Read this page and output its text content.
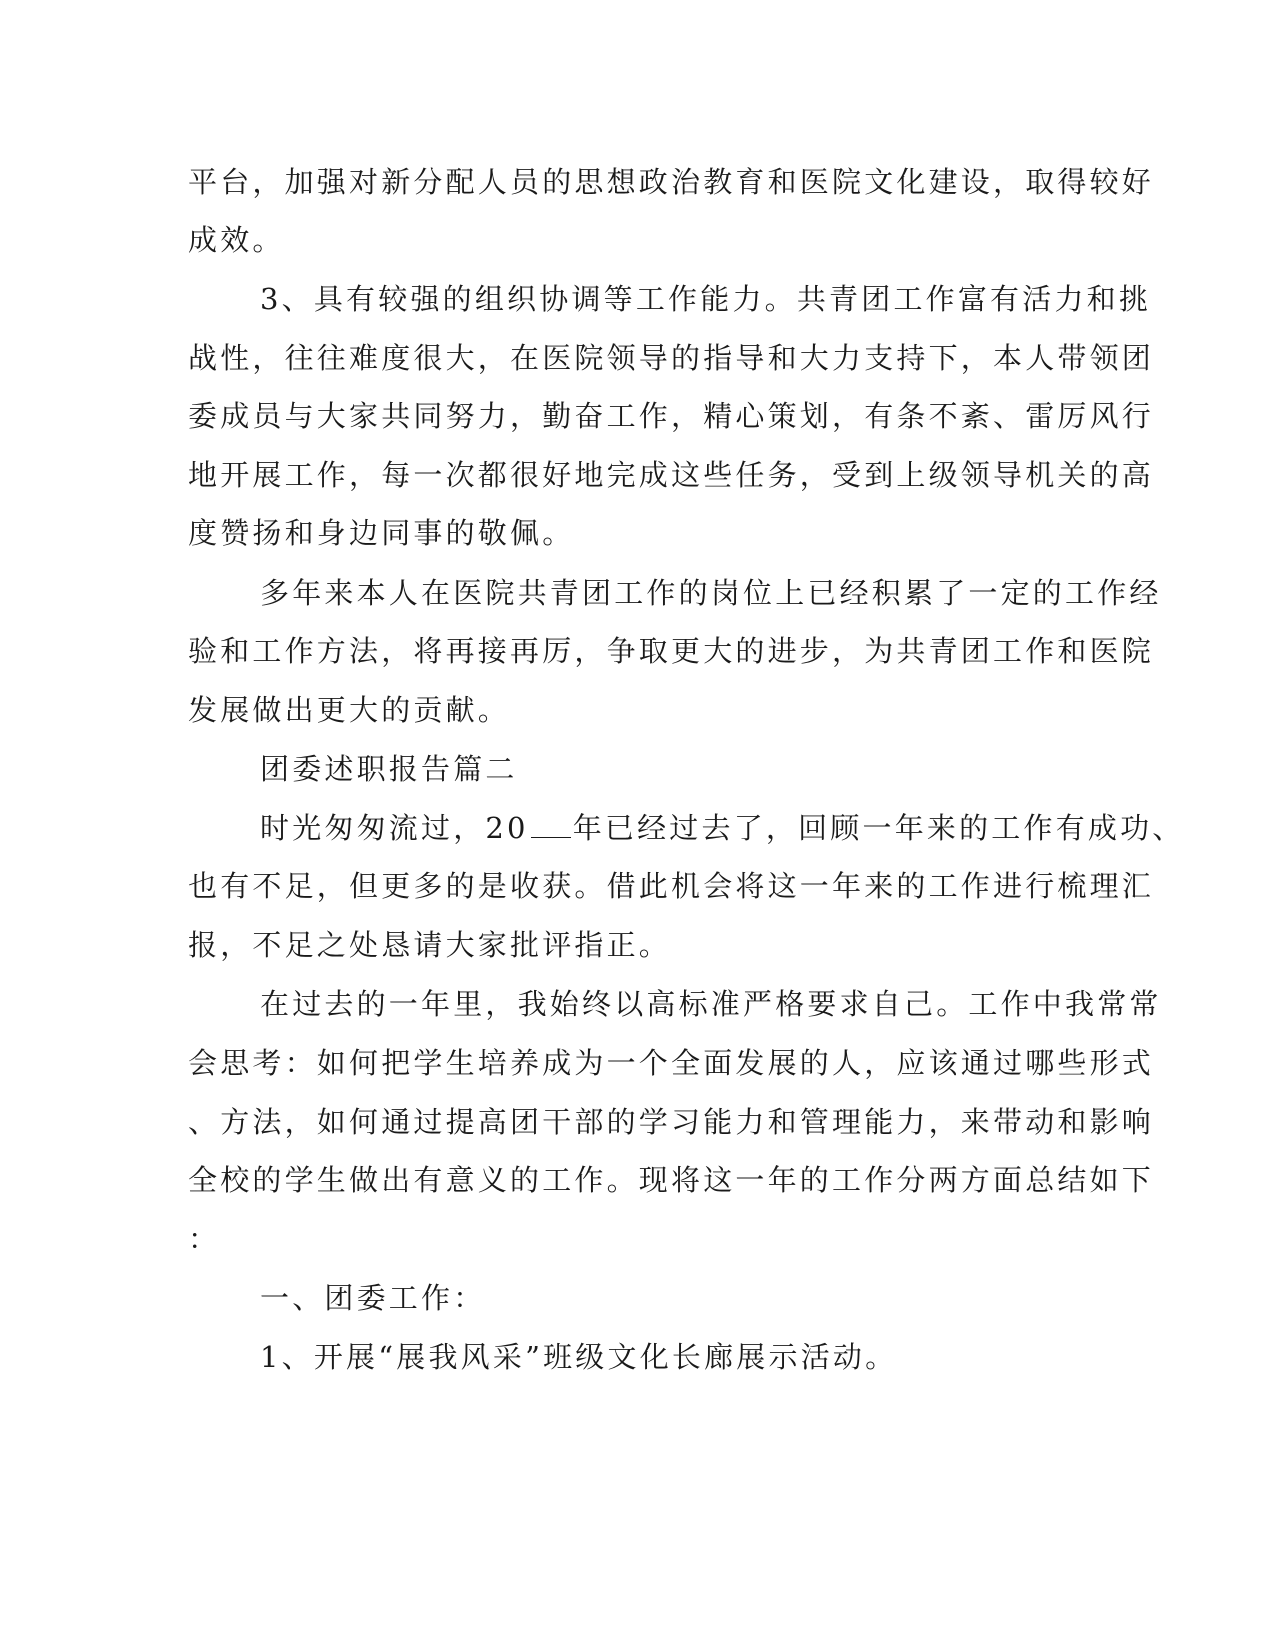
平台，加强对新分配人员的思想政治教育和医院文化建设，取得较好
成效。
3、具有较强的组织协调等工作能力。共青团工作富有活力和挑
战性，往往难度很大，在医院领导的指导和大力支持下，本人带领团
委成员与大家共同努力，勤奋工作，精心策划，有条不紊、雷厉风行
地开展工作，每一次都很好地完成这些任务，受到上级领导机关的高
度赞扬和身边同事的敬佩。
多年来本人在医院共青团工作的岗位上已经积累了一定的工作经
验和工作方法，将再接再厉，争取更大的进步，为共青团工作和医院
发展做出更大的贡献。
团委述职报告篇二
时光匆匆流过，20 年已经过去了，回顾一年来的工作有成功、
也有不足，但更多的是收获。借此机会将这一年来的工作进行梳理汇
报，不足之处恳请大家批评指正。
在过去的一年里，我始终以高标准严格要求自己。工作中我常常
会思考：如何把学生培养成为一个全面发展的人，应该通过哪些形式
、方法，如何通过提高团干部的学习能力和管理能力，来带动和影响
全校的学生做出有意义的工作。现将这一年的工作分两方面总结如下
：
一、团委工作：
1、开展“展我风采”班级文化长廊展示活动。
